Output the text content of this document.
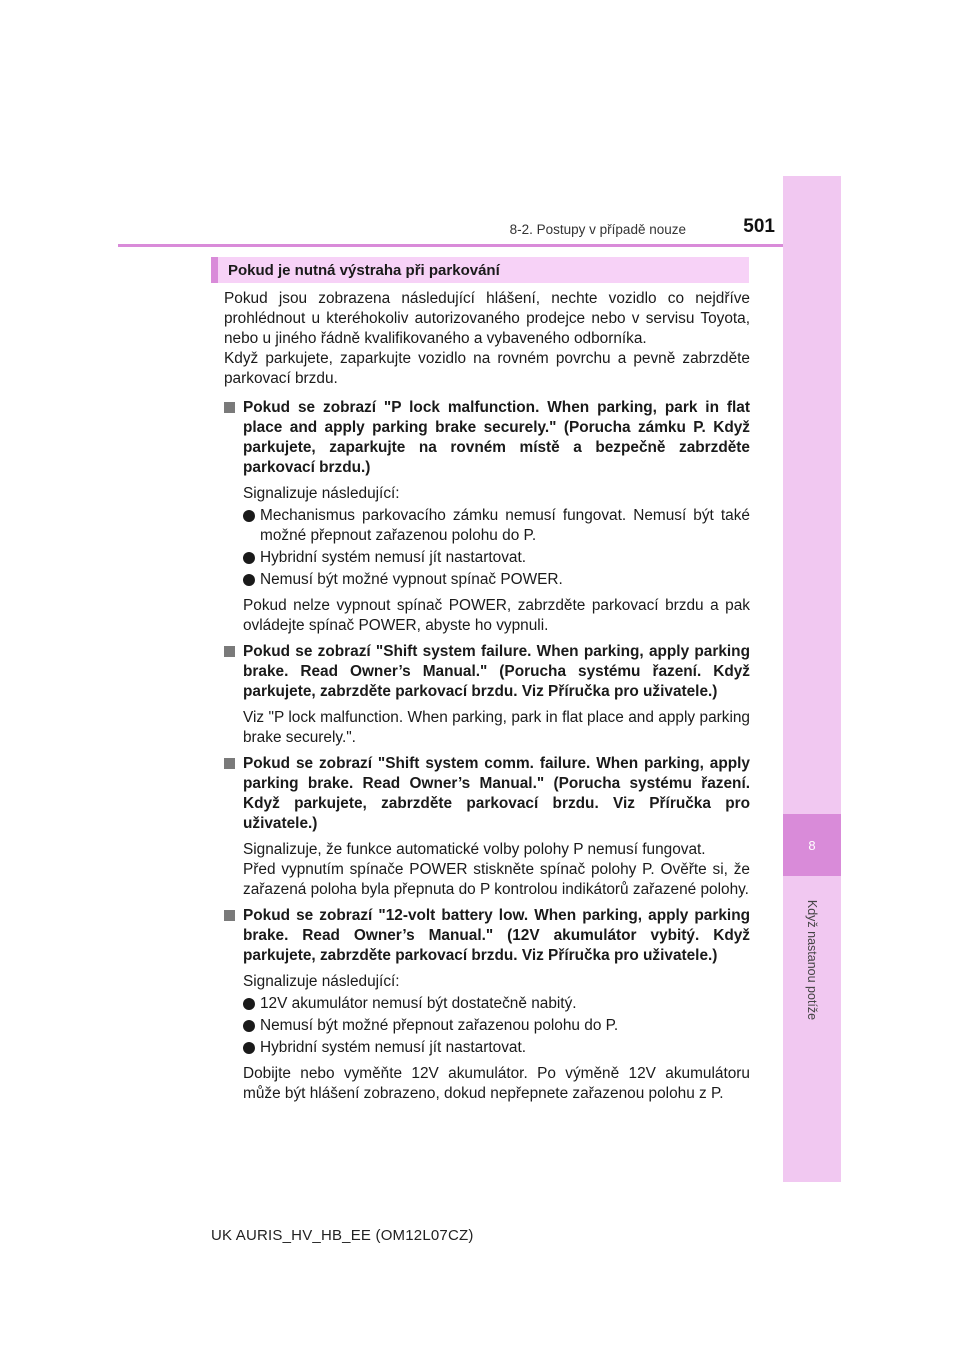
8
Když nastanou potíže
8-2. Postupy v případě nouze	501
Pokud je nutná výstraha při parkování

Pokud jsou zobrazena následující hlášení, nechte vozidlo co nejdříve prohlédnout u kteréhokoliv autorizovaného prodejce nebo v servisu Toyota, nebo u jiného řádně kvalifikovaného a vybaveného odborníka.

Když parkujete, zaparkujte vozidlo na rovném povrchu a pevně zabrzděte parkovací brzdu.

Pokud se zobrazí "P lock malfunction. When parking, park in flat place and apply parking brake securely." (Porucha zámku P. Když parkujete, zaparkujte na rovném místě a bezpečně zabrzděte parkovací brzdu.)

Signalizuje následující:

Mechanismus parkovacího zámku nemusí fungovat. Nemusí být také možné přepnout zařazenou polohu do P.
Hybridní systém nemusí jít nastartovat.
Nemusí být možné vypnout spínač POWER.

Pokud nelze vypnout spínač POWER, zabrzděte parkovací brzdu a pak ovládejte spínač POWER, abyste ho vypnuli.

Pokud se zobrazí "Shift system failure. When parking, apply parking brake. Read Owner’s Manual." (Porucha systému řazení. Když parkujete, zabrzděte parkovací brzdu. Viz Příručka pro uživatele.)

Viz "P lock malfunction. When parking, park in flat place and apply parking brake securely.".

Pokud se zobrazí "Shift system comm. failure. When parking, apply parking brake. Read Owner’s Manual." (Porucha systému řazení. Když parkujete, zabrzděte parkovací brzdu. Viz Příručka pro uživatele.)

Signalizuje, že funkce automatické volby polohy P nemusí fungovat.

Před vypnutím spínače POWER stiskněte spínač polohy P. Ověřte si, že zařazená poloha byla přepnuta do P kontrolou indikátorů zařazené polohy.

Pokud se zobrazí "12-volt battery low. When parking, apply parking brake. Read Owner’s Manual." (12V akumulátor vybitý. Když parkujete, zabrzděte parkovací brzdu. Viz Příručka pro uživatele.)

Signalizuje následující:

12V akumulátor nemusí být dostatečně nabitý.
Nemusí být možné přepnout zařazenou polohu do P.
Hybridní systém nemusí jít nastartovat.

Dobijte nebo vyměňte 12V akumulátor. Po výměně 12V akumulátoru může být hlášení zobrazeno, dokud nepřepnete zařazenou polohu z P.

UK AURIS_HV_HB_EE (OM12L07CZ)
